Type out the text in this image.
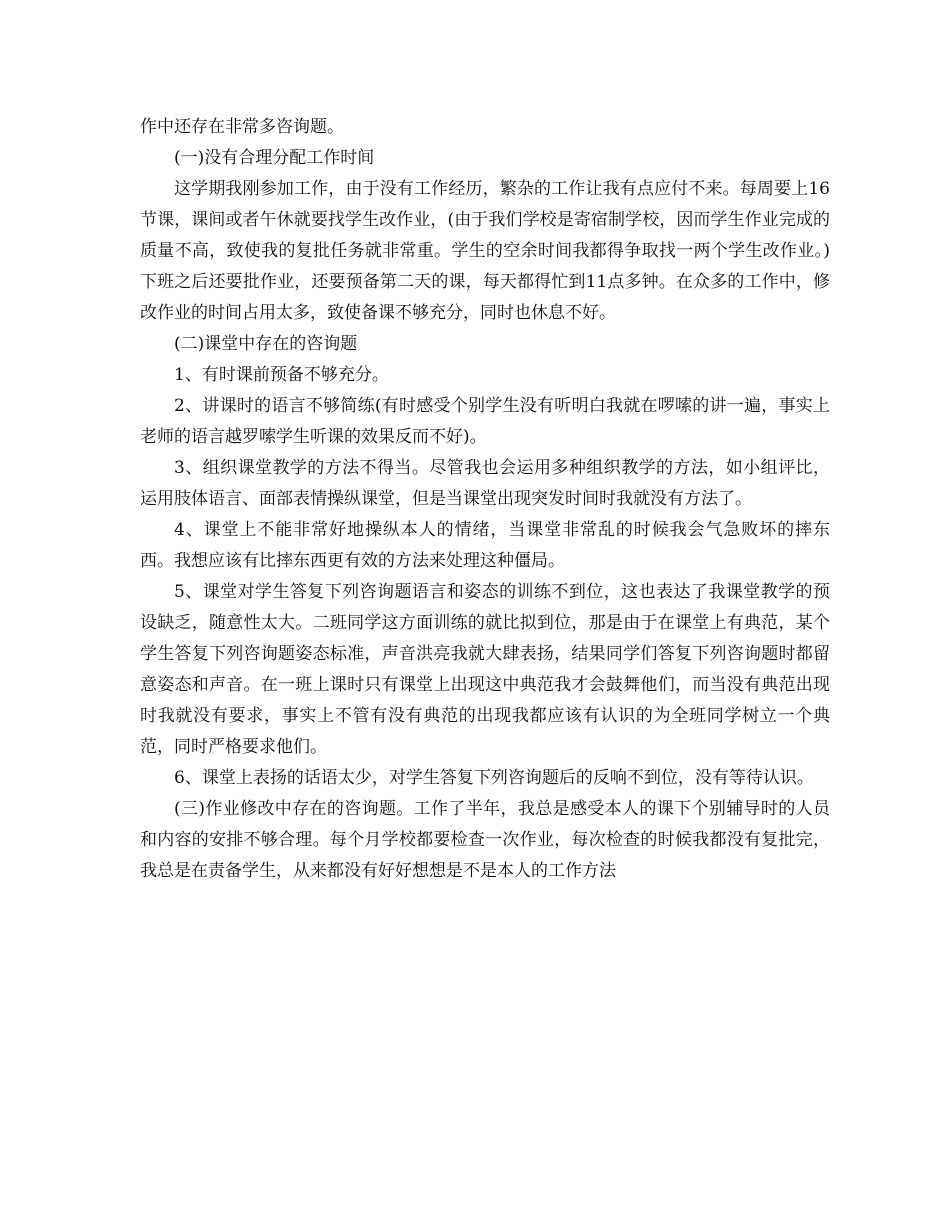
作中还存在非常多咨询题。

(一)没有合理分配工作时间

这学期我刚参加工作，由于没有工作经历，繁杂的工作让我有点应付不来。每周要上16节课，课间或者午休就要找学生改作业，(由于我们学校是寄宿制学校，因而学生作业完成的质量不高，致使我的复批任务就非常重。学生的空余时间我都得争取找一两个学生改作业。)下班之后还要批作业，还要预备第二天的课，每天都得忙到11点多钟。在众多的工作中，修改作业的时间占用太多，致使备课不够充分，同时也休息不好。

(二)课堂中存在的咨询题

1、有时课前预备不够充分。

2、讲课时的语言不够简练(有时感受个别学生没有听明白我就在啰嗦的讲一遍，事实上老师的语言越罗嗦学生听课的效果反而不好)。

3、组织课堂教学的方法不得当。尽管我也会运用多种组织教学的方法，如小组评比，运用肢体语言、面部表情操纵课堂，但是当课堂出现突发时间时我就没有方法了。

4、课堂上不能非常好地操纵本人的情绪，当课堂非常乱的时候我会气急败坏的摔东西。我想应该有比摔东西更有效的方法来处理这种僵局。

5、课堂对学生答复下列咨询题语言和姿态的训练不到位，这也表达了我课堂教学的预设缺乏，随意性太大。二班同学这方面训练的就比拟到位，那是由于在课堂上有典范，某个学生答复下列咨询题姿态标准，声音洪亮我就大肆表扬，结果同学们答复下列咨询题时都留意姿态和声音。在一班上课时只有课堂上出现这中典范我才会鼓舞他们，而当没有典范出现时我就没有要求，事实上不管有没有典范的出现我都应该有认识的为全班同学树立一个典范，同时严格要求他们。

6、课堂上表扬的话语太少，对学生答复下列咨询题后的反响不到位，没有等待认识。

(三)作业修改中存在的咨询题。工作了半年，我总是感受本人的课下个别辅导时的人员和内容的安排不够合理。每个月学校都要检查一次作业，每次检查的时候我都没有复批完，我总是在责备学生，从来都没有好好想想是不是本人的工作方法
